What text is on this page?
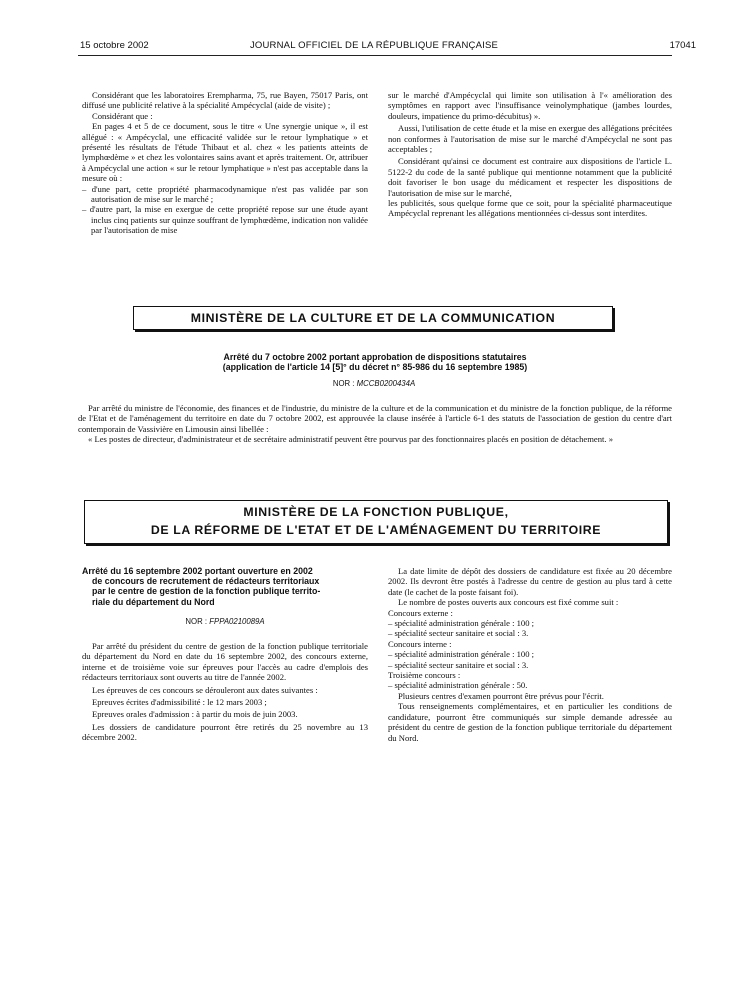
15 octobre 2002	JOURNAL OFFICIEL DE LA RÉPUBLIQUE FRANÇAISE	17041

Considérant que les laboratoires Erempharma, 75, rue Bayen, 75017 Paris, ont diffusé une publicité relative à la spécialité Ampécyclal (aide de visite) ;

Considérant que :

En pages 4 et 5 de ce document, sous le titre « Une synergie unique », il est allégué : « Ampécyclal, une efficacité validée sur le retour lymphatique » et présenté les résultats de l'étude Thibaut et al. chez « les patients atteints de lymphœdème » et chez les volontaires sains avant et après traitement. Or, attribuer à Ampécyclal une action « sur le retour lymphatique » n'est pas acceptable dans la mesure où :

– d'une part, cette propriété pharmacodynamique n'est pas validée par son autorisation de mise sur le marché ;

– d'autre part, la mise en exergue de cette propriété repose sur une étude ayant inclus cinq patients sur quinze souffrant de lymphœdème, indication non validée par l'autorisation de mise

sur le marché d'Ampécyclal qui limite son utilisation à l'« amélioration des symptômes en rapport avec l'insuffisance veinolymphatique (jambes lourdes, douleurs, impatience du primo-décubitus) ».

Aussi, l'utilisation de cette étude et la mise en exergue des allégations précitées non conformes à l'autorisation de mise sur le marché d'Ampécyclal ne sont pas acceptables ;

Considérant qu'ainsi ce document est contraire aux dispositions de l'article L. 5122-2 du code de la santé publique qui mentionne notamment que la publicité doit favoriser le bon usage du médicament et respecter les dispositions de l'autorisation de mise sur le marché,

les publicités, sous quelque forme que ce soit, pour la spécialité pharmaceutique Ampécyclal reprenant les allégations mentionnées ci-dessus sont interdites.

MINISTÈRE DE LA CULTURE ET DE LA COMMUNICATION
Arrêté du 7 octobre 2002 portant approbation de dispositions statutaires
(application de l'article 14 [5]° du décret n° 85-986 du 16 septembre 1985)
NOR : MCCB0200434A

Par arrêté du ministre de l'économie, des finances et de l'industrie, du ministre de la culture et de la communication et du ministre de la fonction publique, de la réforme de l'Etat et de l'aménagement du territoire en date du 7 octobre 2002, est approuvée la clause insérée à l'article 6-1 des statuts de l'association de gestion du centre d'art contemporain de Vassivière en Limousin ainsi libellée :

« Les postes de directeur, d'administrateur et de secrétaire administratif peuvent être pourvus par des fonctionnaires placés en position de détachement. »

MINISTÈRE DE LA FONCTION PUBLIQUE,
DE LA RÉFORME DE L'ETAT ET DE L'AMÉNAGEMENT DU TERRITOIRE

Arrêté du 16 septembre 2002 portant ouverture en 2002

de concours de recrutement de rédacteurs territoriaux

par le centre de gestion de la fonction publique territo-

riale du département du Nord

NOR : FPPA0210089A

Par arrêté du président du centre de gestion de la fonction publique territoriale du département du Nord en date du 16 septembre 2002, des concours externe, interne et de troisième voie sur épreuves pour l'accès au cadre d'emplois des rédacteurs territoriaux sont ouverts au titre de l'année 2002.

Les épreuves de ces concours se dérouleront aux dates suivantes :

Epreuves écrites d'admissibilité : le 12 mars 2003 ;

Epreuves orales d'admission : à partir du mois de juin 2003.

Les dossiers de candidature pourront être retirés du 25 novembre au 13 décembre 2002.

La date limite de dépôt des dossiers de candidature est fixée au 20 décembre 2002. Ils devront être postés à l'adresse du centre de gestion au plus tard à cette date (le cachet de la poste faisant foi).

Le nombre de postes ouverts aux concours est fixé comme suit :

Concours externe :

– spécialité administration générale : 100 ;

– spécialité secteur sanitaire et social : 3.

Concours interne :

– spécialité administration générale : 100 ;

– spécialité secteur sanitaire et social : 3.

Troisième concours :

– spécialité administration générale : 50.

Plusieurs centres d'examen pourront être prévus pour l'écrit.

Tous renseignements complémentaires, et en particulier les conditions de candidature, pourront être communiqués sur simple demande adressée au président du centre de gestion de la fonction publique territoriale du département du Nord.
